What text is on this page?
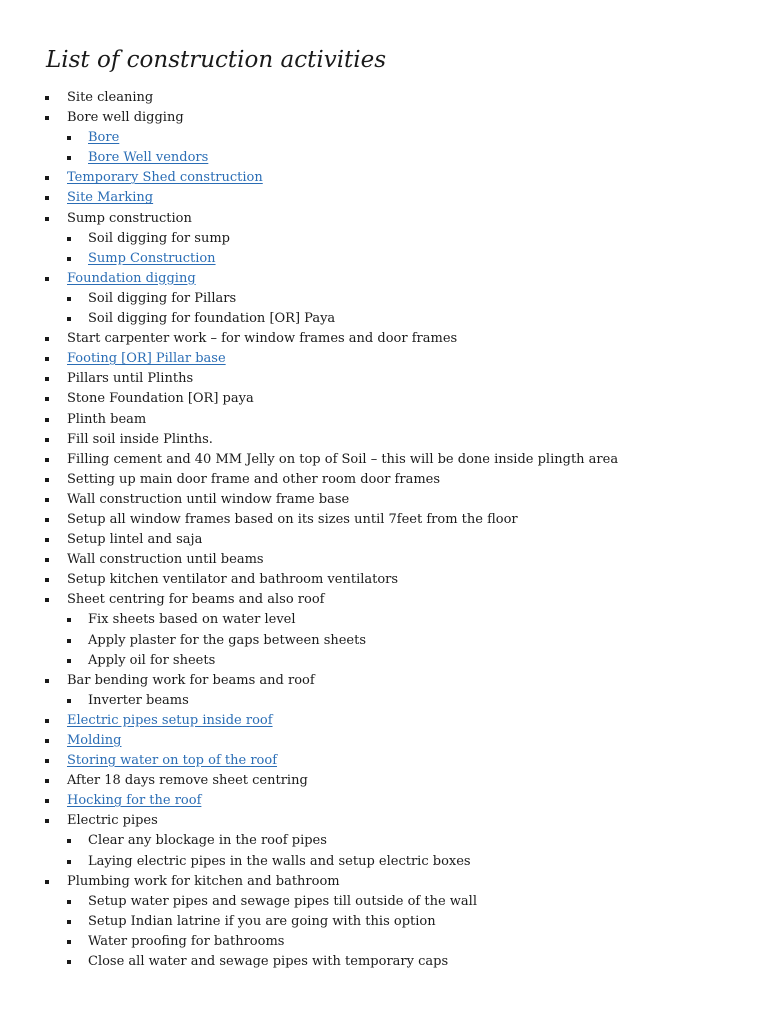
List of construction activities
Site cleaning
Bore well digging
Bore
Bore Well vendors
Temporary Shed construction
Site Marking
Sump construction
Soil digging for sump
Sump Construction
Foundation digging
Soil digging for Pillars
Soil digging for foundation [OR] Paya
Start carpenter work – for window frames and door frames
Footing [OR] Pillar base
Pillars until Plinths
Stone Foundation [OR] paya
Plinth beam
Fill soil inside Plinths.
Filling cement and 40 MM Jelly on top of Soil – this will be done inside plingth area
Setting up main door frame and other room door frames
Wall construction until window frame base
Setup all window frames based on its sizes until 7feet from the floor
Setup lintel and saja
Wall construction until beams
Setup kitchen ventilator and bathroom ventilators
Sheet centring for beams and also roof
Fix sheets based on water level
Apply plaster for the gaps between sheets
Apply oil for sheets
Bar bending work for beams and roof
Inverter beams
Electric pipes setup inside roof
Molding
Storing water on top of the roof
After 18 days remove sheet centring
Hocking for the roof
Electric pipes
Clear any blockage in the roof pipes
Laying electric pipes in the walls and setup electric boxes
Plumbing work for kitchen and bathroom
Setup water pipes and sewage pipes till outside of the wall
Setup Indian latrine if you are going with this option
Water proofing for bathrooms
Close all water and sewage pipes with temporary caps
